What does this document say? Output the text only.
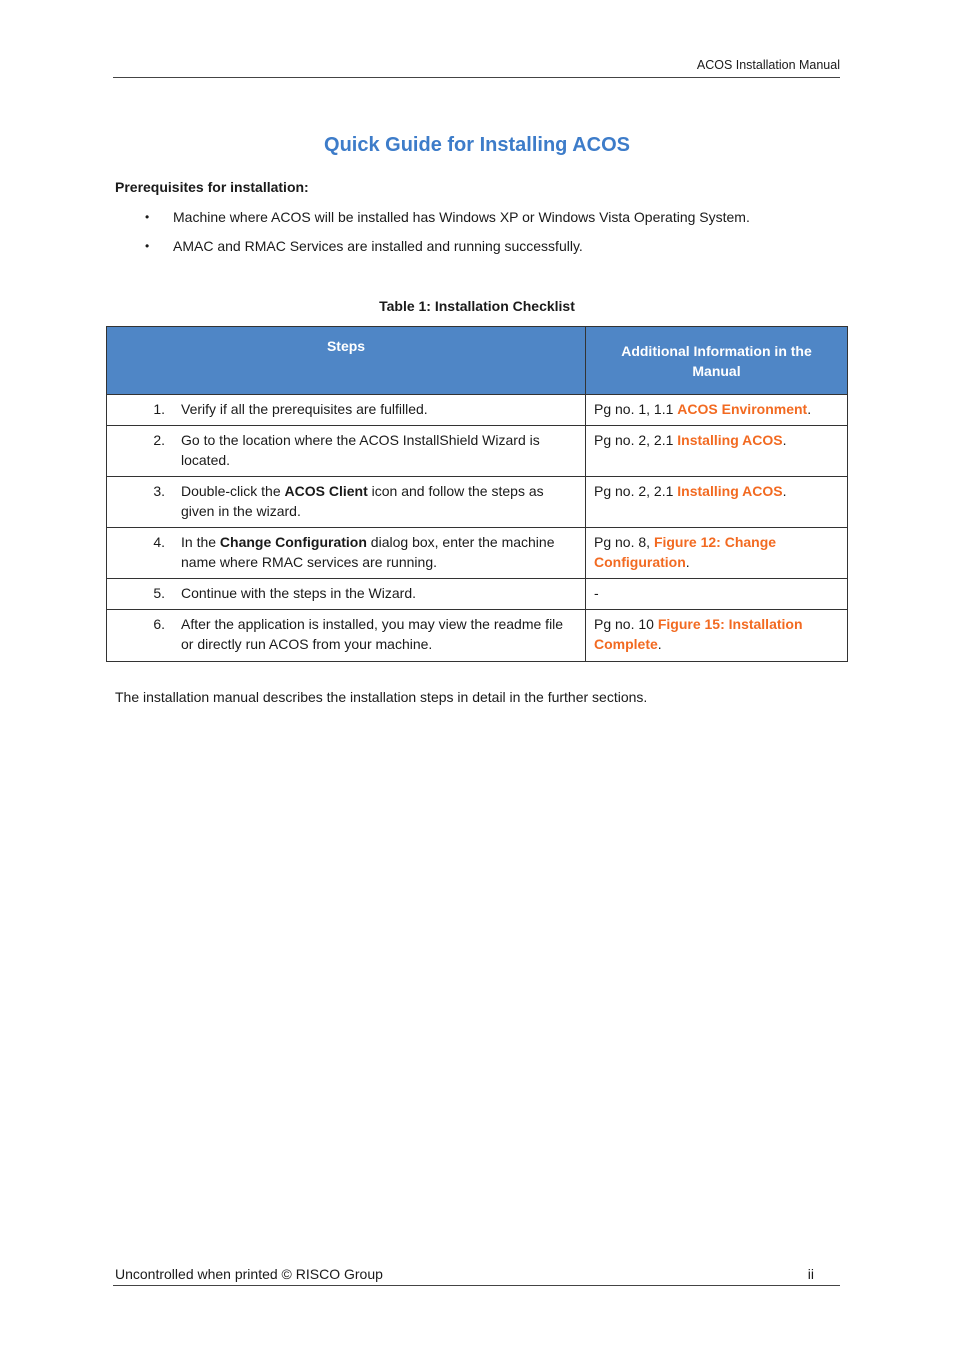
ACOS Installation Manual
Quick Guide for Installing ACOS
Prerequisites for installation:
• Machine where ACOS will be installed has Windows XP or Windows Vista Operating System.
• AMAC and RMAC Services are installed and running successfully.
Table 1: Installation Checklist
Steps	Additional Information in the Manual

1. Verify if all the prerequisites are fulfilled.	Pg no. 1, 1.1 ACOS Environment.

2. Go to the location where the ACOS InstallShield Wizard is located.	Pg no. 2, 2.1 Installing ACOS.

3. Double-click the ACOS Client icon and follow the steps as given in the wizard.	Pg no. 2, 2.1 Installing ACOS.

4. In the Change Configuration dialog box, enter the machine name where RMAC services are running.	Pg no. 8, Figure 12: Change Configuration.

5. Continue with the steps in the Wizard.	-

6. After the application is installed, you may view the readme file or directly run ACOS from your machine.	Pg no. 10 Figure 15: Installation Complete.
The installation manual describes the installation steps in detail in the further sections.
Uncontrolled when printed © RISCO Group	ii
